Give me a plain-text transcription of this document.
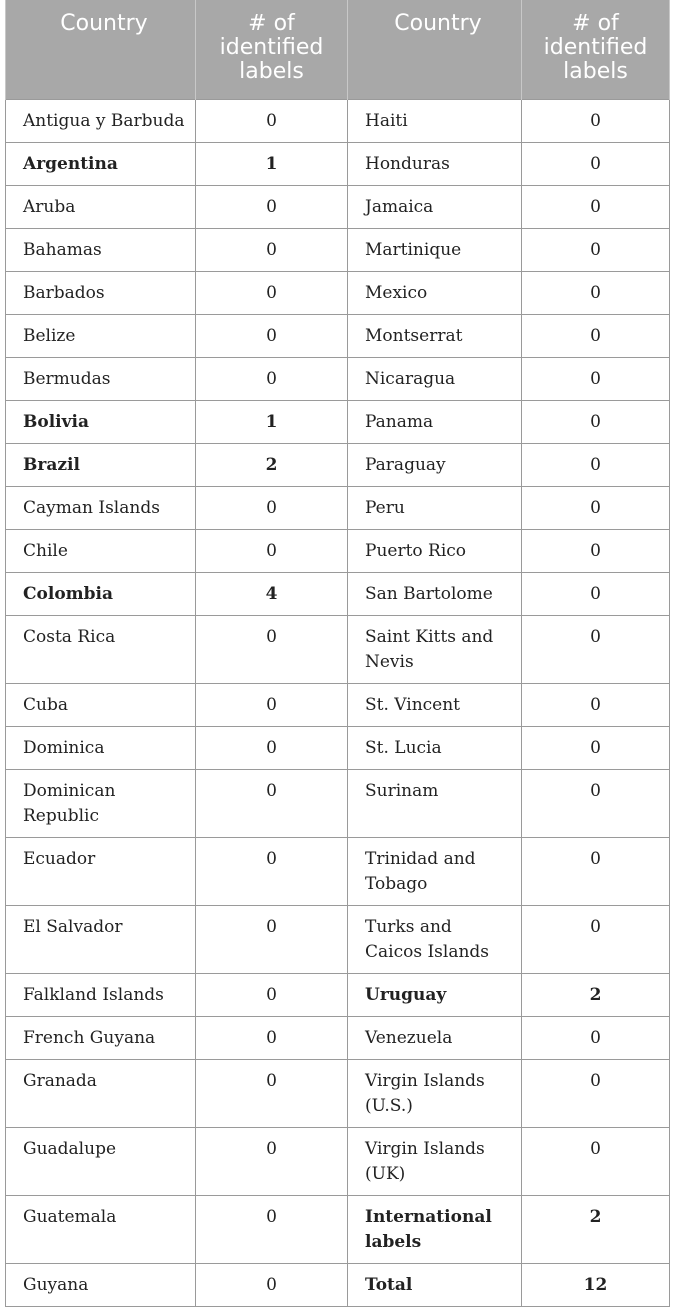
Country	# of identified labels	Country	# of identified labels
Antigua y Barbuda	0	Haiti	0
Argentina	1	Honduras	0
Aruba	0	Jamaica	0
Bahamas	0	Martinique	0
Barbados	0	Mexico	0
Belize	0	Montserrat	0
Bermudas	0	Nicaragua	0
Bolivia	1	Panama	0
Brazil	2	Paraguay	0
Cayman Islands	0	Peru	0
Chile	0	Puerto Rico	0
Colombia	4	San Bartolome	0
Costa Rica	0	Saint Kitts and Nevis	0
Cuba	0	St. Vincent	0
Dominica	0	St. Lucia	0
Dominican Republic	0	Surinam	0
Ecuador	0	Trinidad and Tobago	0
El Salvador	0	Turks and Caicos Islands	0
Falkland Islands	0	Uruguay	2
French Guyana	0	Venezuela	0
Granada	0	Virgin Islands (U.S.)	0
Guadalupe	0	Virgin Islands (UK)	0
Guatemala	0	International labels	2
Guyana	0	Total	12
